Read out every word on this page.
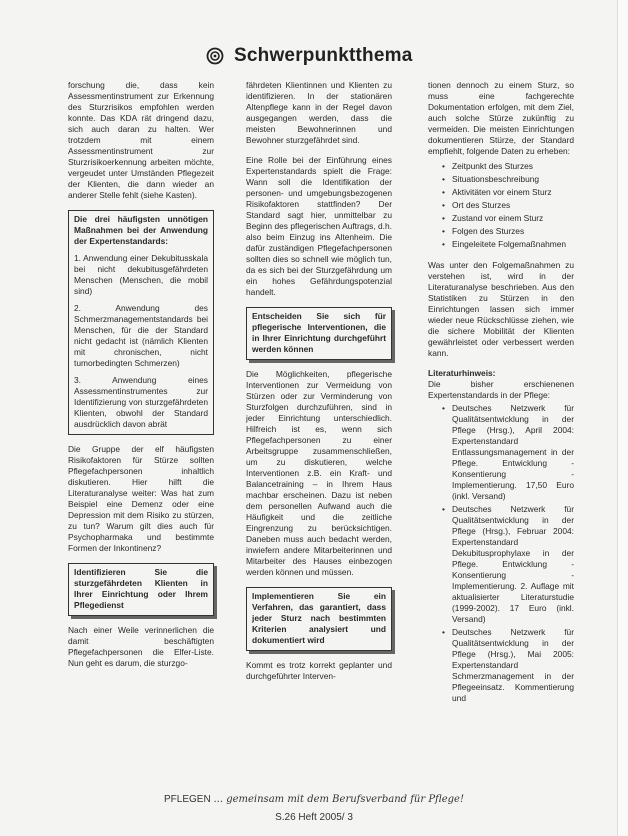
Schwerpunktthema

forschung die, dass kein Assessmentinstrument zur Erkennung des Sturzrisikos empfohlen werden konnte. Das KDA rät dringend dazu, sich auch daran zu halten. Wer trotzdem mit einem Assessmentinstrument zur Sturzrisikoerkennung arbeiten möchte, vergeudet unter Umständen Pflegezeit der Klienten, die dann wieder an anderer Stelle fehlt (siehe Kasten).

Die drei häufigsten unnötigen Maßnahmen bei der Anwendung der Expertenstandards:

1. Anwendung einer Dekubitusskala bei nicht dekubitusgefährdeten Menschen (Menschen, die mobil sind)

2. Anwendung des Schmerzmanagementstandards bei Menschen, für die der Standard nicht gedacht ist (nämlich Klienten mit chronischen, nicht tumorbedingten Schmerzen)

3. Anwendung eines Assessmentinstrumentes zur Identifizierung von sturzgefährdeten Klienten, obwohl der Standard ausdrücklich davon abrät

Die Gruppe der elf häufigsten Risikofaktoren für Stürze sollten Pflegefachpersonen inhaltlich diskutieren. Hier hilft die Literaturanalyse weiter: Was hat zum Beispiel eine Demenz oder eine Depression mit dem Risiko zu stürzen, zu tun? Warum gilt dies auch für Psychopharmaka und bestimmte Formen der Inkontinenz?

Identifizieren Sie die sturzgefährdeten Klienten in Ihrer Einrichtung oder Ihrem Pflegedienst

Nach einer Weile verinnerlichen die damit beschäftigten Pflegefachpersonen die Elfer-Liste. Nun geht es darum, die sturzgo-

fährdeten Klientinnen und Klienten zu identifizieren. In der stationären Altenpflege kann in der Regel davon ausgegangen werden, dass die meisten Bewohnerinnen und Bewohner sturzgefährdet sind.

Eine Rolle bei der Einführung eines Expertenstandards spielt die Frage: Wann soll die Identifikation der personen- und umgebungsbezogenen Risikofaktoren stattfinden? Der Standard sagt hier, unmittelbar zu Beginn des pflegerischen Auftrags, d.h. also beim Einzug ins Altenheim. Die dafür zuständigen Pflegefachpersonen sollten dies so schnell wie möglich tun, da es sich bei der Sturzgefährdung um ein hohes Gefährdungspotenzial handelt.

Entscheiden Sie sich für pflegerische Interventionen, die in Ihrer Einrichtung durchgeführt werden können

Die Möglichkeiten, pflegerische Interventionen zur Vermeidung von Stürzen oder zur Verminderung von Sturzfolgen durchzuführen, sind in jeder Einrichtung unterschiedlich. Hilfreich ist es, wenn sich Pflegefachpersonen zu einer Arbeitsgruppe zusammenschließen, um zu diskutieren, welche Interventionen z.B. ein Kraft- und Balancetraining – in Ihrem Haus machbar erscheinen. Dazu ist neben dem personellen Aufwand auch die Häufigkeit und die zeitliche Eingrenzung zu berücksichtigen. Daneben muss auch bedacht werden, inwiefern andere Mitarbeiterinnen und Mitarbeiter des Hauses einbezogen werden können und müssen.

Implementieren Sie ein Verfahren, das garantiert, dass jeder Sturz nach bestimmten Kriterien analysiert und dokumentiert wird

Kommt es trotz korrekt geplanter und durchgeführter Interven-

tionen dennoch zu einem Sturz, so muss eine fachgerechte Dokumentation erfolgen, mit dem Ziel, auch solche Stürze zukünftig zu vermeiden. Die meisten Einrichtungen dokumentieren Stürze, der Standard empfiehlt, folgende Daten zu erheben:

• Zeitpunkt des Sturzes
• Situationsbeschreibung
• Aktivitäten vor einem Sturz
• Ort des Sturzes
• Zustand vor einem Sturz
• Folgen des Sturzes
• Eingeleitete Folgemaßnahmen

Was unter den Folgemaßnahmen zu verstehen ist, wird in der Literaturanalyse beschrieben. Aus den Statistiken zu Stürzen in den Einrichtungen lassen sich immer wieder neue Rückschlüsse ziehen, wie die sichere Mobilität der Klienten gewährleistet oder verbessert werden kann.

Literaturhinweis:
Die bisher erschienenen Expertenstandards in der Pflege:
• Deutsches Netzwerk für Qualitätsentwicklung in der Pflege (Hrsg.), April 2004: Expertenstandard Entlassungsmanagement in der Pflege. Entwicklung - Konsentierung - Implementierung. 17,50 Euro (inkl. Versand)
• Deutsches Netzwerk für Qualitätsentwicklung in der Pflege (Hrsg.), Februar 2004: Expertenstandard Dekubitusprophylaxe in der Pflege. Entwicklung - Konsentierung - Implementierung. 2. Auflage mit aktualisierter Literaturstudie (1999-2002). 17 Euro (inkl. Versand)
• Deutsches Netzwerk für Qualitätsentwicklung in der Pflege (Hrsg.), Mai 2005: Expertenstandard Schmerzmanagement in der Pflegeeinsatz. Kommentierung und
PFLEGEN ... gemeinsam mit dem Berufsverband für Pflege!
S.26 Heft 2005/ 3
